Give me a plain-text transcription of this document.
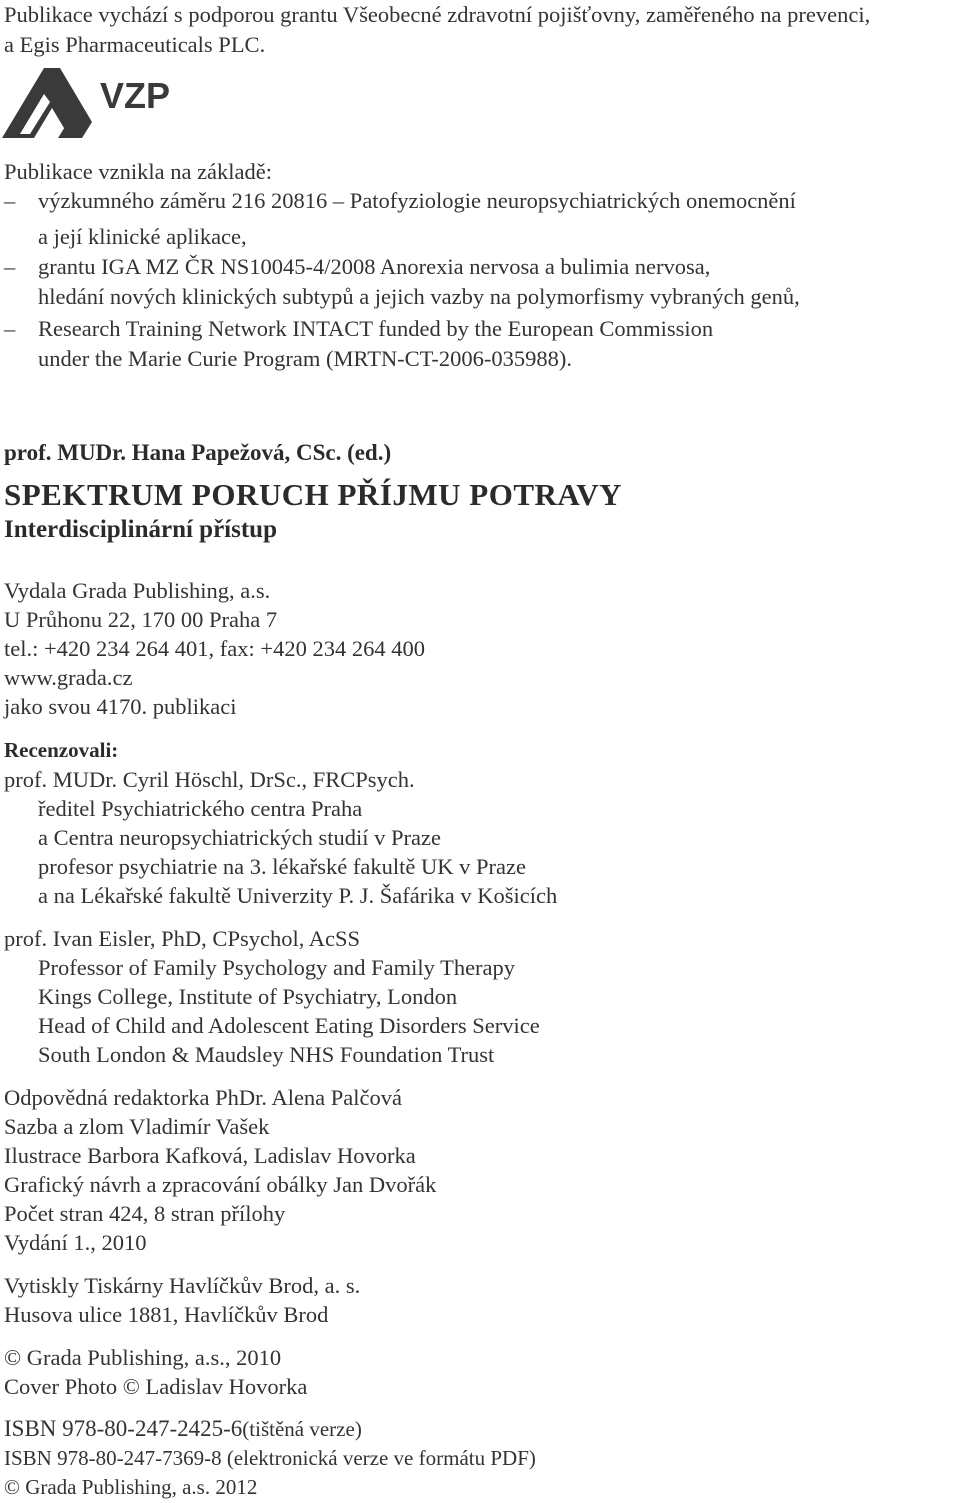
Publikace vychází s podporou grantu Všeobecné zdravotní pojišťovny, zaměřeného na prevenci,
a Egis Pharmaceuticals PLC.
VZP
Publikace vznikla na základě:
– výzkumného záměru 216 20816 – Patofyziologie neuropsychiatrických onemocnění
a její klinické aplikace,
– grantu IGA MZ ČR NS10045-4/2008 Anorexia nervosa a bulimia nervosa,
hledání nových klinických subtypů a jejich vazby na polymorfismy vybraných genů,
– Research Training Network INTACT funded by the European Commission
under the Marie Curie Program (MRTN-CT-2006-035988).
prof. MUDr. Hana Papežová, CSc. (ed.)
SPEKTRUM PORUCH PŘÍJMU POTRAVY
Interdisciplinární přístup
Vydala Grada Publishing, a.s.
U Průhonu 22, 170 00 Praha 7
tel.: +420 234 264 401, fax: +420 234 264 400
www.grada.cz
jako svou 4170. publikaci
Recenzovali:
prof. MUDr. Cyril Höschl, DrSc., FRCPsych.
ředitel Psychiatrického centra Praha
a Centra neuropsychiatrických studií v Praze
profesor psychiatrie na 3. lékařské fakultě UK v Praze
a na Lékařské fakultě Univerzity P. J. Šafárika v Košicích
prof. Ivan Eisler, PhD, CPsychol, AcSS
Professor of Family Psychology and Family Therapy
Kings College, Institute of Psychiatry, London
Head of Child and Adolescent Eating Disorders Service
South London & Maudsley NHS Foundation Trust
Odpovědná redaktorka PhDr. Alena Palčová
Sazba a zlom Vladimír Vašek
Ilustrace Barbora Kafková, Ladislav Hovorka
Grafický návrh a zpracování obálky Jan Dvořák
Počet stran 424, 8 stran přílohy
Vydání 1., 2010
Vytiskly Tiskárny Havlíčkův Brod, a. s.
Husova ulice 1881, Havlíčkův Brod
© Grada Publishing, a.s., 2010
Cover Photo © Ladislav Hovorka
ISBN 978-80-247-2425-6(tištěná verze)
ISBN 978-80-247-7369-8 (elektronická verze ve formátu PDF)
© Grada Publishing, a.s. 2012
